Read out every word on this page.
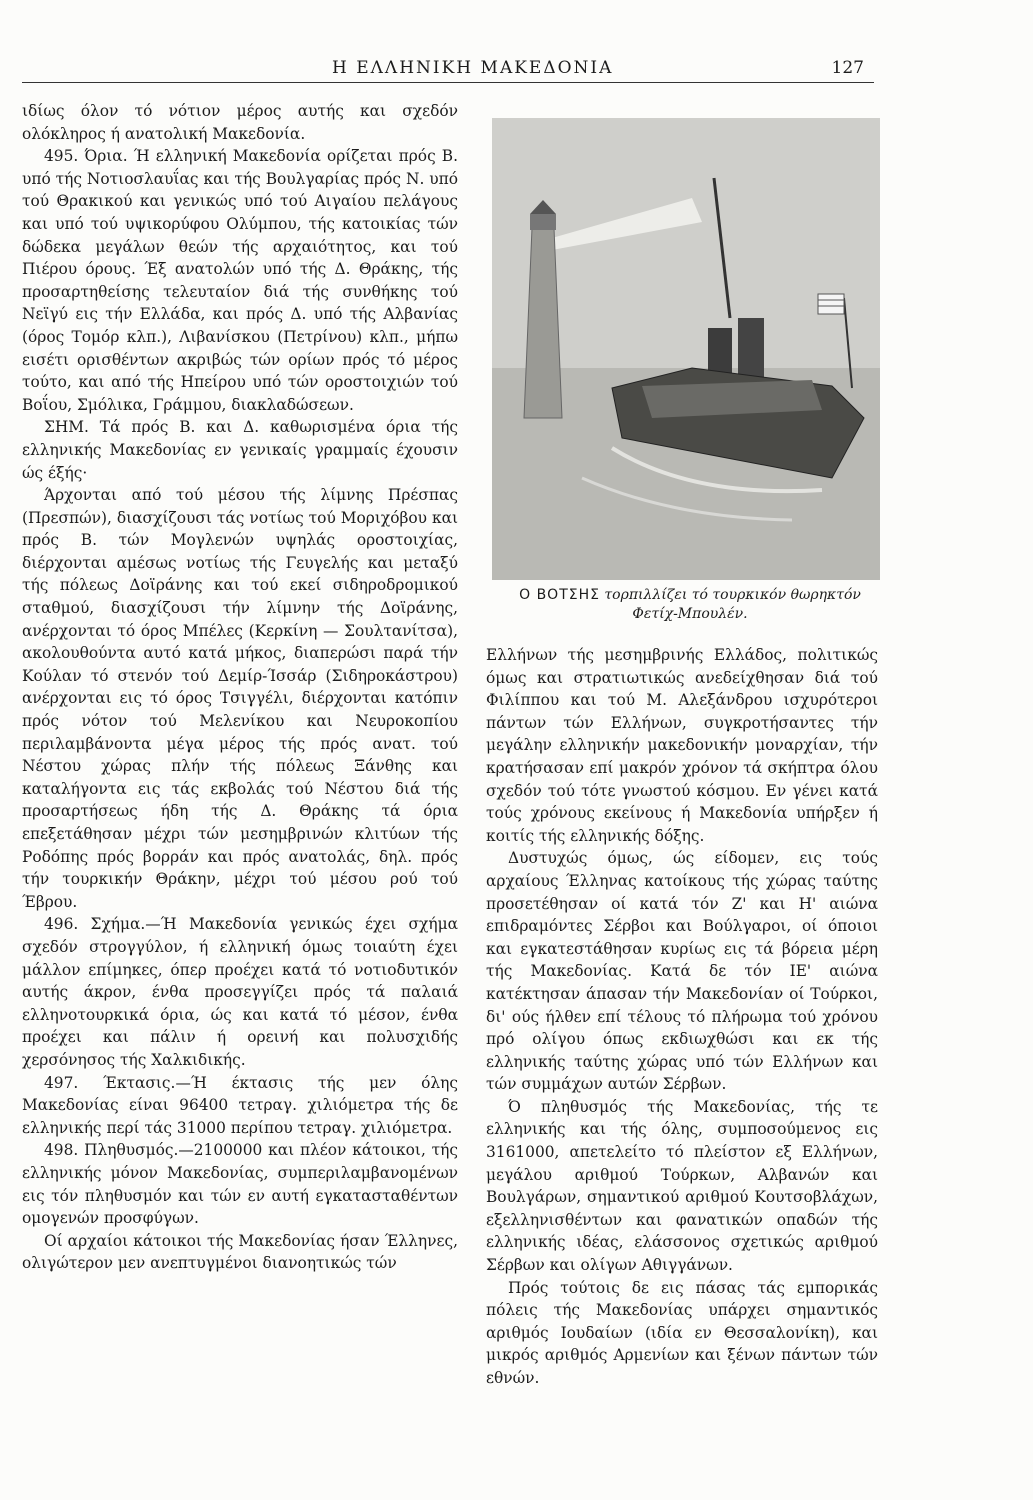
Η ΕΛΛΗΝΙΚΗ ΜΑΚΕΔΟΝΙΑ	127

ιδίως όλον τό νότιον μέρος αυτής και σχεδόν ολόκληρος ή ανατολική Μακεδονία.

495. Όρια. Ή ελληνική Μακεδονία ορίζεται πρός Β. υπό τής Νοτιοσλαυΐας και τής Βουλγαρίας πρός Ν. υπό τού Θρακικού και γενικώς υπό τού Αιγαίου πελάγους και υπό τού υψικορύφου Ολύμπου, τής κατοικίας τών δώδεκα μεγάλων θεών τής αρχαιότητος, και τού Πιέρου όρους. Έξ ανατολών υπό τής Δ. Θράκης, τής προσαρτηθείσης τελευταίον διά τής συνθήκης τού Νεϊγύ εις τήν Ελλάδα, και πρός Δ. υπό τής Αλβανίας (όρος Τομόρ κλπ.), Λιβανίσκου (Πετρίνου) κλπ., μήπω εισέτι ορισθέντων ακριβώς τών ορίων πρός τό μέρος τούτο, και από τής Ηπείρου υπό τών οροστοιχιών τού Βοΐου, Σμόλικα, Γράμμου, διακλαδώσεων.

ΣΗΜ. Τά πρός Β. και Δ. καθωρισμένα όρια τής ελληνικής Μακεδονίας εν γενικαίς γραμμαίς έχουσιν ώς έξής·

Άρχονται από τού μέσου τής λίμνης Πρέσπας (Πρεσπών), διασχίζουσι τάς νοτίως τού Μοριχόβου και πρός Β. τών Μογλενών υψηλάς οροστοιχίας, διέρχονται αμέσως νοτίως τής Γευγελής και μεταξύ τής πόλεως Δοϊράνης και τού εκεί σιδηροδρομικού σταθμού, διασχίζουσι τήν λίμνην τής Δοϊράνης, ανέρχονται τό όρος Μπέλες (Κερκίνη — Σουλτανίτσα), ακολουθούντα αυτό κατά μήκος, διαπερώσι παρά τήν Κούλαν τό στενόν τού Δεμίρ-Ίσσάρ (Σιδηροκάστρου) ανέρχονται εις τό όρος Τσιγγέλι, διέρχονται κατόπιν πρός νότον τού Μελενίκου και Νευροκοπίου περιλαμβάνοντα μέγα μέρος τής πρός ανατ. τού Νέστου χώρας πλήν τής πόλεως Ξάνθης και καταλήγοντα εις τάς εκβολάς τού Νέστου διά τής προσαρτήσεως ήδη τής Δ. Θράκης τά όρια επεξετάθησαν μέχρι τών μεσημβρινών κλιτύων τής Ροδόπης πρός βορράν και πρός ανατολάς, δηλ. πρός τήν τουρκικήν Θράκην, μέχρι τού μέσου ρού τού Έβρου.

496. Σχήμα.—Ή Μακεδονία γενικώς έχει σχήμα σχεδόν στρογγύλον, ή ελληνική όμως τοιαύτη έχει μάλλον επίμηκες, όπερ προέχει κατά τό νοτιοδυτικόν αυτής άκρον, ένθα προσεγγίζει πρός τά παλαιά ελληνοτουρκικά όρια, ώς και κατά τό μέσον, ένθα προέχει και πάλιν ή ορεινή και πολυσχιδής χερσόνησος τής Χαλκιδικής.

497. Έκτασις.—Ή έκτασις τής μεν όλης Μακεδονίας είναι 96400 τετραγ. χιλιόμετρα τής δε ελληνικής περί τάς 31000 περίπου τετραγ. χιλιόμετρα.

498. Πληθυσμός.—2100000 και πλέον κάτοικοι, τής ελληνικής μόνον Μακεδονίας, συμπεριλαμβανομένων εις τόν πληθυσμόν και τών εν αυτή εγκατασταθέντων ομογενών προσφύγων.

Οί αρχαίοι κάτοικοι τής Μακεδονίας ήσαν Έλληνες, ολιγώτερον μεν ανεπτυγμένοι διανοητικώς τών

Ο ΒΟΤΣΗΣ τορπιλλίζει τό τουρκικόν θωρηκτόν Φετίχ-Μπουλέν.

Ελλήνων τής μεσημβρινής Ελλάδος, πολιτικώς όμως και στρατιωτικώς ανεδείχθησαν διά τού Φιλίππου και τού Μ. Αλεξάνδρου ισχυρότεροι πάντων τών Ελλήνων, συγκροτήσαντες τήν μεγάλην ελληνικήν μακεδονικήν μοναρχίαν, τήν κρατήσασαν επί μακρόν χρόνον τά σκήπτρα όλου σχεδόν τού τότε γνωστού κόσμου. Εν γένει κατά τούς χρόνους εκείνους ή Μακεδονία υπήρξεν ή κοιτίς τής ελληνικής δόξης.

Δυστυχώς όμως, ώς είδομεν, εις τούς αρχαίους Έλληνας κατοίκους τής χώρας ταύτης προσετέθησαν οί κατά τόν Ζ' και Η' αιώνα επιδραμόντες Σέρβοι και Βούλγαροι, οί όποιοι και εγκατεστάθησαν κυρίως εις τά βόρεια μέρη τής Μακεδονίας. Κατά δε τόν ΙΕ' αιώνα κατέκτησαν άπασαν τήν Μακεδονίαν οί Τούρκοι, δι' ούς ήλθεν επί τέλους τό πλήρωμα τού χρόνου πρό ολίγου όπως εκδιωχθώσι και εκ τής ελληνικής ταύτης χώρας υπό τών Ελλήνων και τών συμμάχων αυτών Σέρβων.

Ό πληθυσμός τής Μακεδονίας, τής τε ελληνικής και τής όλης, συμποσούμενος εις 3161000, απετελείτο τό πλείστον εξ Ελλήνων, μεγάλου αριθμού Τούρκων, Αλβανών και Βουλγάρων, σημαντικού αριθμού Κουτσοβλάχων, εξελληνισθέντων και φανατικών οπαδών τής ελληνικής ιδέας, ελάσσονος σχετικώς αριθμού Σέρβων και ολίγων Αθιγγάνων.

Πρός τούτοις δε εις πάσας τάς εμπορικάς πόλεις τής Μακεδονίας υπάρχει σημαντικός αριθμός Ιουδαίων (ιδία εν Θεσσαλονίκη), και μικρός αριθμός Αρμενίων και ξένων πάντων τών εθνών.
